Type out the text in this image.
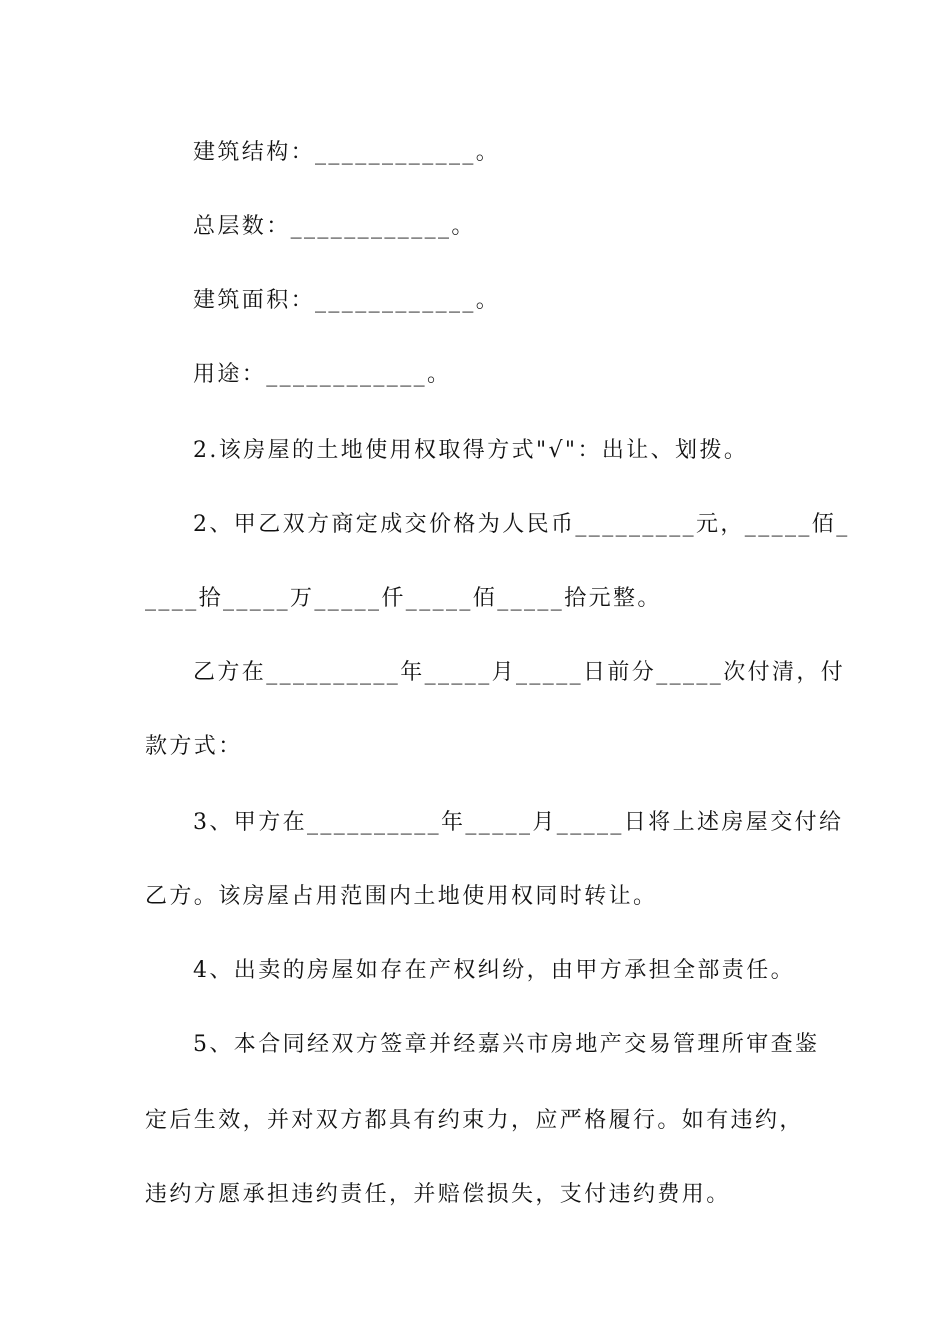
建筑结构：____________。
总层数：____________。
建筑面积：____________。
用途：____________。
2.该房屋的土地使用权取得方式"√"：出让、划拨。
2、甲乙双方商定成交价格为人民币_________元，_____佰_
____拾_____万_____仟_____佰_____拾元整。
乙方在__________年_____月_____日前分_____次付清，付
款方式：
3、甲方在__________年_____月_____日将上述房屋交付给
乙方。该房屋占用范围内土地使用权同时转让。
4、出卖的房屋如存在产权纠纷，由甲方承担全部责任。
5、本合同经双方签章并经嘉兴市房地产交易管理所审查鉴
定后生效，并对双方都具有约束力，应严格履行。如有违约，
违约方愿承担违约责任，并赔偿损失，支付违约费用。
